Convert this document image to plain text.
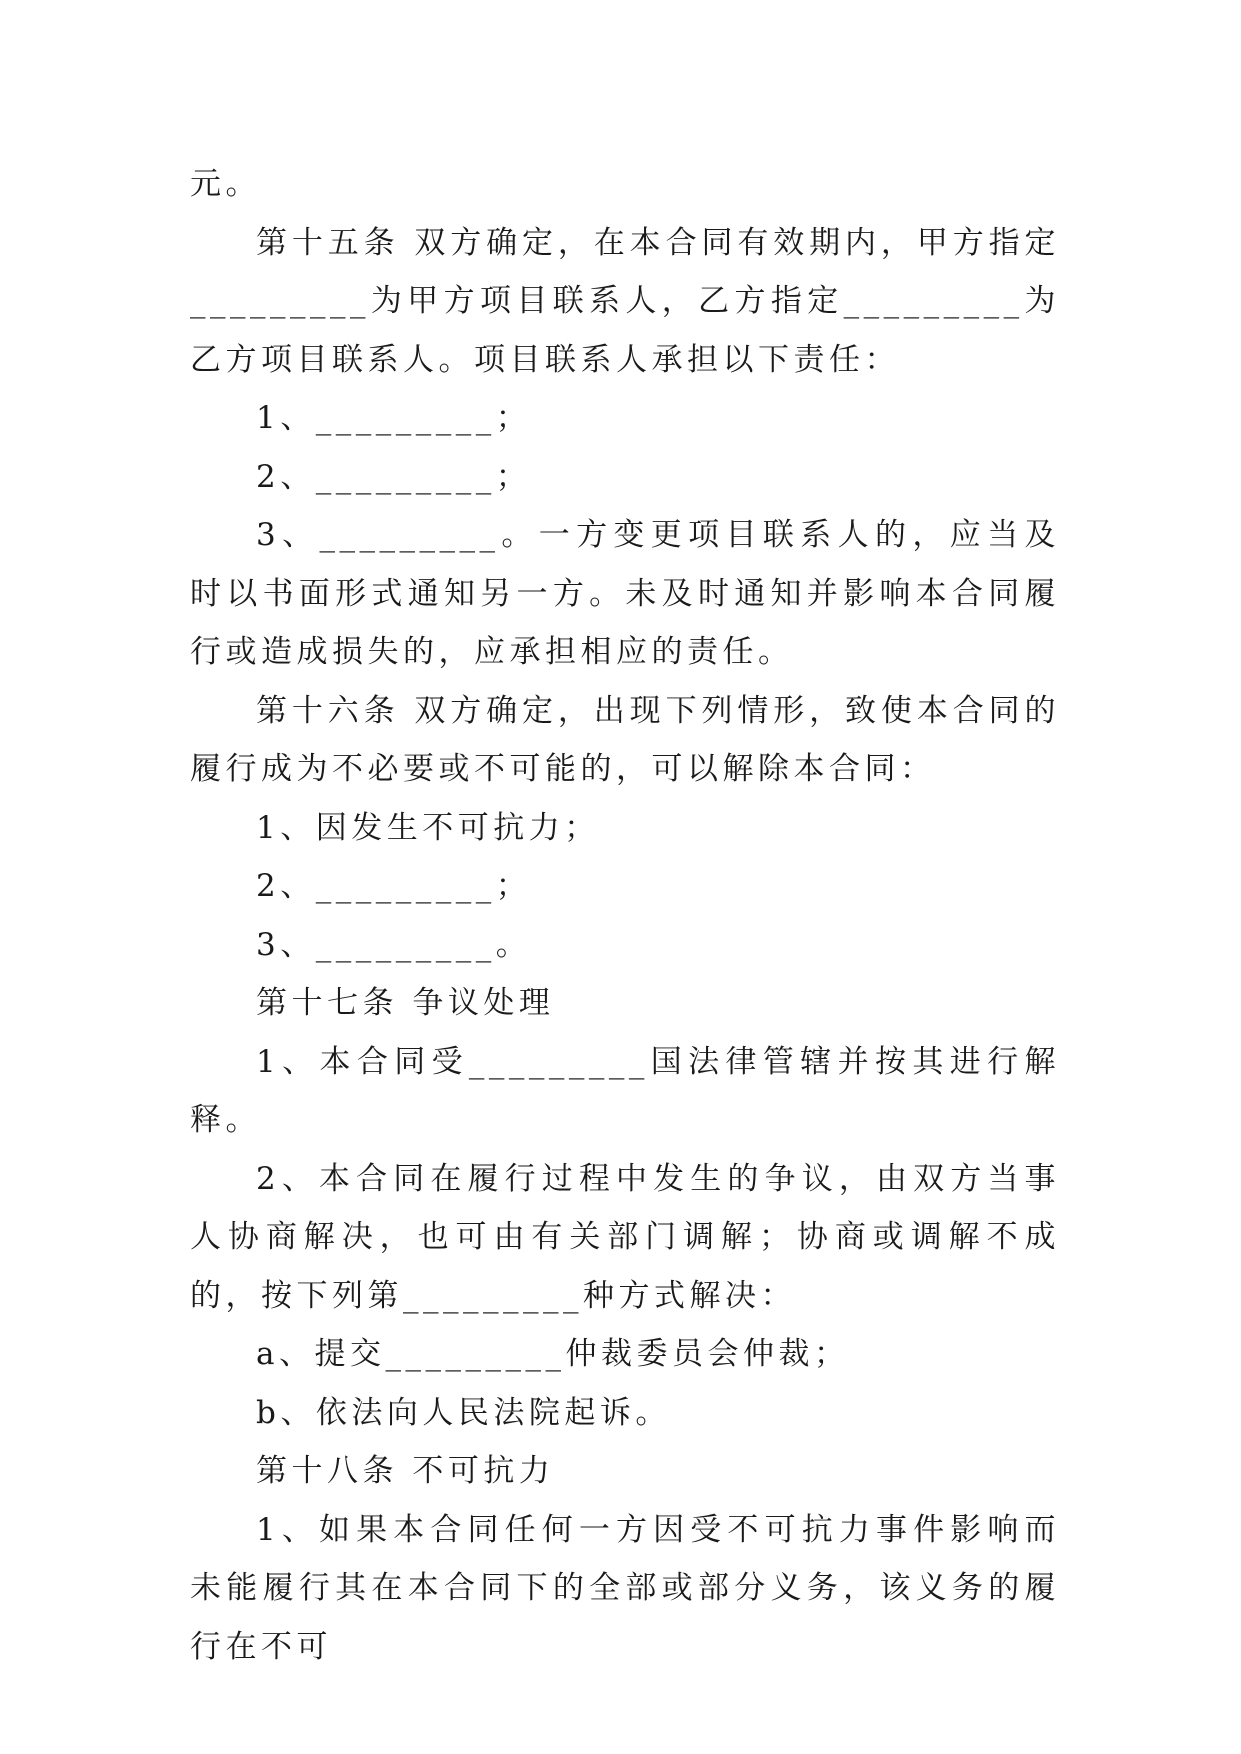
元。

第十五条 双方确定，在本合同有效期内，甲方指定_________为甲方项目联系人，乙方指定_________为乙方项目联系人。项目联系人承担以下责任：

1、_________；

2、_________；

3、_________。一方变更项目联系人的，应当及时以书面形式通知另一方。未及时通知并影响本合同履行或造成损失的，应承担相应的责任。

第十六条 双方确定，出现下列情形，致使本合同的履行成为不必要或不可能的，可以解除本合同：

1、因发生不可抗力；

2、_________；

3、_________。

第十七条 争议处理

1、本合同受_________国法律管辖并按其进行解释。

2、本合同在履行过程中发生的争议，由双方当事人协商解决，也可由有关部门调解；协商或调解不成的，按下列第_________种方式解决：

a、提交_________仲裁委员会仲裁；

b、依法向人民法院起诉。

第十八条 不可抗力

1、如果本合同任何一方因受不可抗力事件影响而未能履行其在本合同下的全部或部分义务，该义务的履行在不可
